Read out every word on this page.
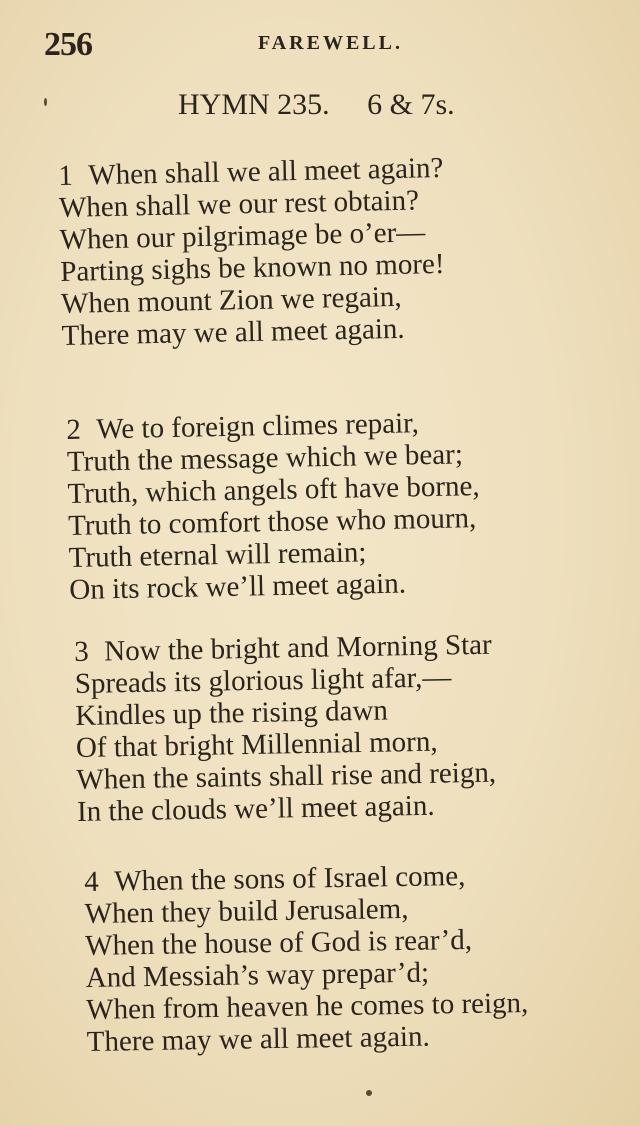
256	FAREWELL.
HYMN 235. 6 & 7s.
1 When shall we all meet again?
When shall we our rest obtain?
When our pilgrimage be o’er—
Parting sighs be known no more!
When mount Zion we regain,
There may we all meet again.
2 We to foreign climes repair,
Truth the message which we bear;
Truth, which angels oft have borne,
Truth to comfort those who mourn,
Truth eternal will remain;
On its rock we’ll meet again.
3 Now the bright and Morning Star
Spreads its glorious light afar,—
Kindles up the rising dawn
Of that bright Millennial morn,
When the saints shall rise and reign,
In the clouds we’ll meet again.
4 When the sons of Israel come,
When they build Jerusalem,
When the house of God is rear’d,
And Messiah’s way prepar’d;
When from heaven he comes to reign,
There may we all meet again.
